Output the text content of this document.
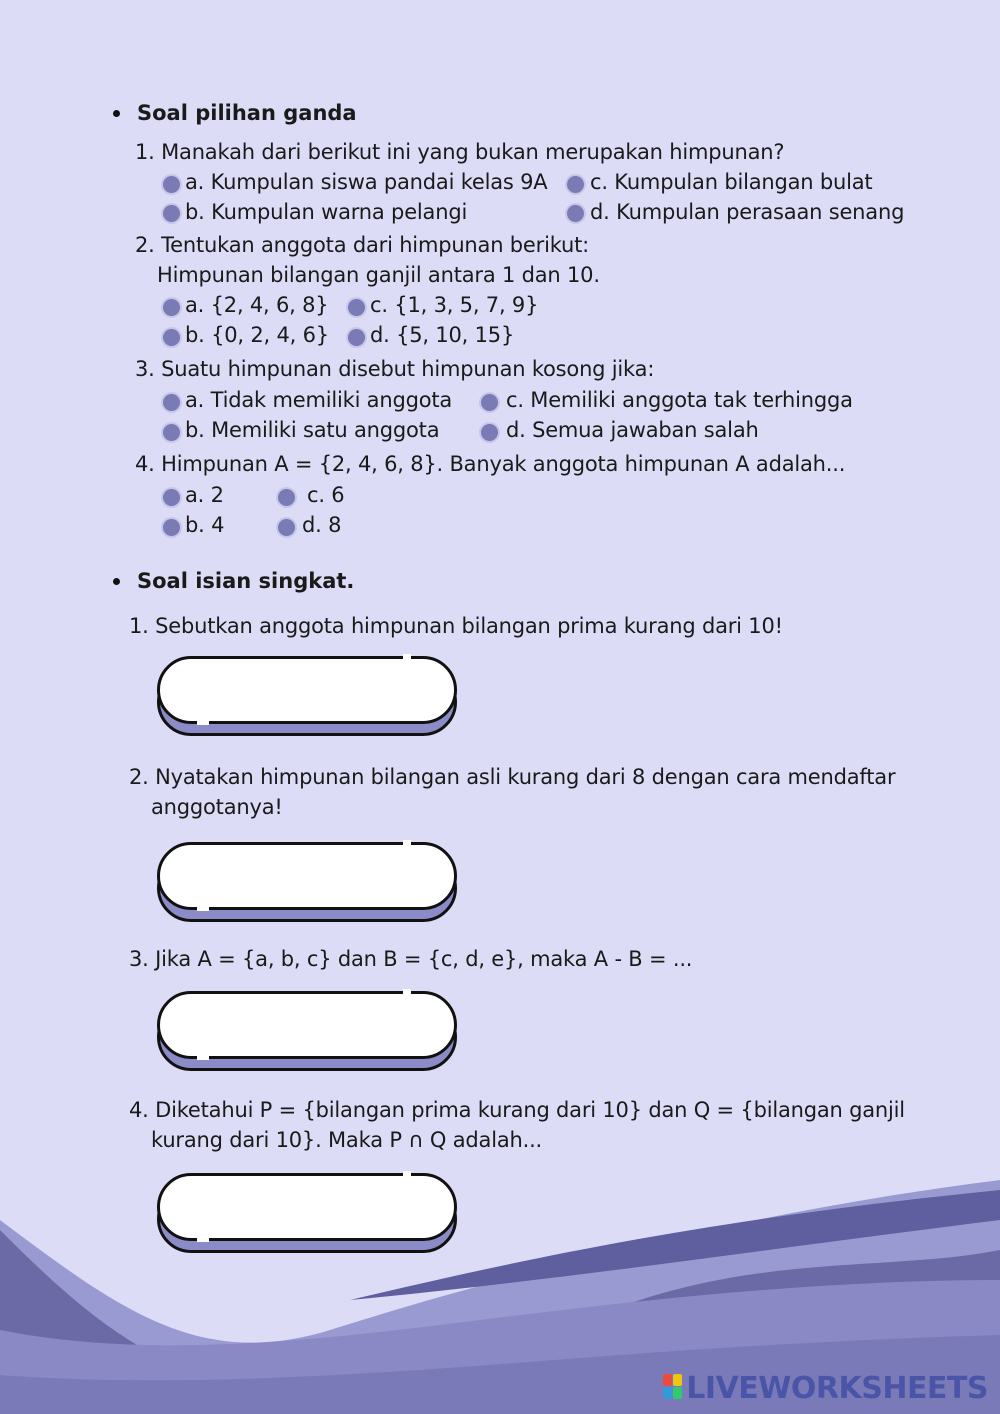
Soal pilihan ganda
1. Manakah dari berikut ini yang bukan merupakan himpunan?
a. Kumpulan siswa pandai kelas 9A c. Kumpulan bilangan bulat
b. Kumpulan warna pelangi	d. Kumpulan perasaan senang
2. Tentukan anggota dari himpunan berikut:
Himpunan bilangan ganjil antara 1 dan 10.
a. {2, 4, 6, 8} c. {1, 3, 5, 7, 9}
b. {0, 2, 4, 6} d. {5, 10, 15}
3. Suatu himpunan disebut himpunan kosong jika:
a. Tidak memiliki anggota	c. Memiliki anggota tak terhingga
b. Memiliki satu anggota	d. Semua jawaban salah
4. Himpunan A = {2, 4, 6, 8}. Banyak anggota himpunan A adalah...
a. 2	c. 6
b. 4	d. 8
Soal isian singkat.
1. Sebutkan anggota himpunan bilangan prima kurang dari 10!
2. Nyatakan himpunan bilangan asli kurang dari 8 dengan cara mendaftar
anggotanya!
3. Jika A = {a, b, c} dan B = {c, d, e}, maka A - B = ...
4. Diketahui P = {bilangan prima kurang dari 10} dan Q = {bilangan ganjil
kurang dari 10}. Maka P ∩ Q adalah...
LIVEWORKSHEETS
